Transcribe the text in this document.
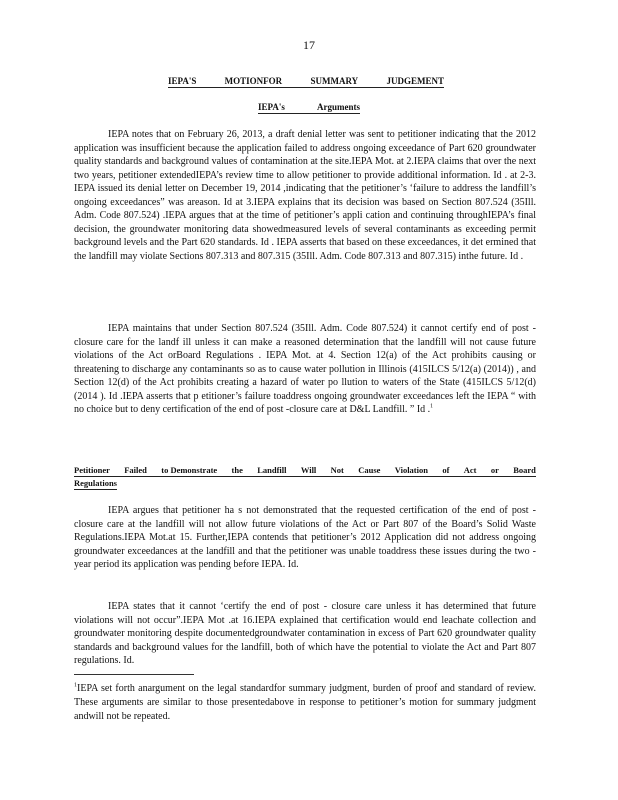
17
IEPA'S	MOTIONFOR	SUMMARY	JUDGEMENT
IEPA's	Arguments

IEPA notes that on February 26, 2013, a draft denial letter was sent to petitioner indicating that the 2012 application was insufficient because the application failed to address ongoing exceedance of Part 620 groundwater quality standards and background values of contamination at the site.IEPA Mot. at 2.IEPA claims that over the next two years, petitioner extendedIEPA’s review time to allow petitioner to provide additional information. Id . at 2-3. IEPA issued its denial letter on December 19, 2014 ,indicating that the petitioner’s ‘failure to address the landfill’s ongoing exceedances” was areason. Id at 3.IEPA explains that its decision was based on Section 807.524 (35Ill. Adm. Code 807.524) .IEPA argues that at the time of petitioner’s appli cation and continuing throughIEPA’s final decision, the groundwater monitoring data showedmeasured levels of several contaminants as exceeding permit background levels and the Part 620 standards. Id . IEPA asserts that based on these exceedances, it det ermined that the landfill may violate Sections 807.313 and 807.315 (35Ill. Adm. Code 807.313 and 807.315) inthe future. Id .

IEPA maintains that under Section 807.524 (35Ill. Adm. Code 807.524) it cannot certify end of post -closure care for the landf ill unless it can make a reasoned determination that the landfill will not cause future violations of the Act orBoard Regulations . IEPA Mot. at 4. Section 12(a) of the Act prohibits causing or threatening to discharge any contaminants so as to cause water pollution in Illinois (415ILCS 5/12(a) (2014)) , and Section 12(d) of the Act prohibits creating a hazard of water po llution to waters of the State (415ILCS 5/12(d) (2014 ). Id .IEPA asserts that p etitioner’s failure toaddress ongoing groundwater exceedances left the IEPA “ with no choice but to deny certification of the end of post -closure care at D&L Landfill. ” Id .$^1$

Petitioner Failed to Demonstrate the Landfill Will Not Cause Violation of Act or Board
Regulations

IEPA argues that petitioner ha s not demonstrated that the requested certification of the end of post -closure care at the landfill will not allow future violations of the Act or Part 807 of the Board’s Solid Waste Regulations.IEPA Mot.at 15. Further,IEPA contends that petitioner’s 2012 Application did not address ongoing groundwater exceedances at the landfill and that the petitioner was unable toaddress these issues during the two - year period its application was pending before IEPA. Id.

IEPA states that it cannot ‘certify the end of post - closure care unless it has determined that future violations will not occur”.IEPA Mot .at 16.IEPA explained that certification would end leachate collection and groundwater monitoring despite documentedgroundwater contamination in excess of Part 620 groundwater quality standards and background values for the landfill, both of which have the potential to violate the Act and Part 807 regulations. Id.

$^1$IEPA set forth anargument on the legal standardfor summary judgment, burden of proof and standard of review. These arguments are similar to those presentedabove in response to petitioner’s motion for summary judgment andwill not be repeated.
